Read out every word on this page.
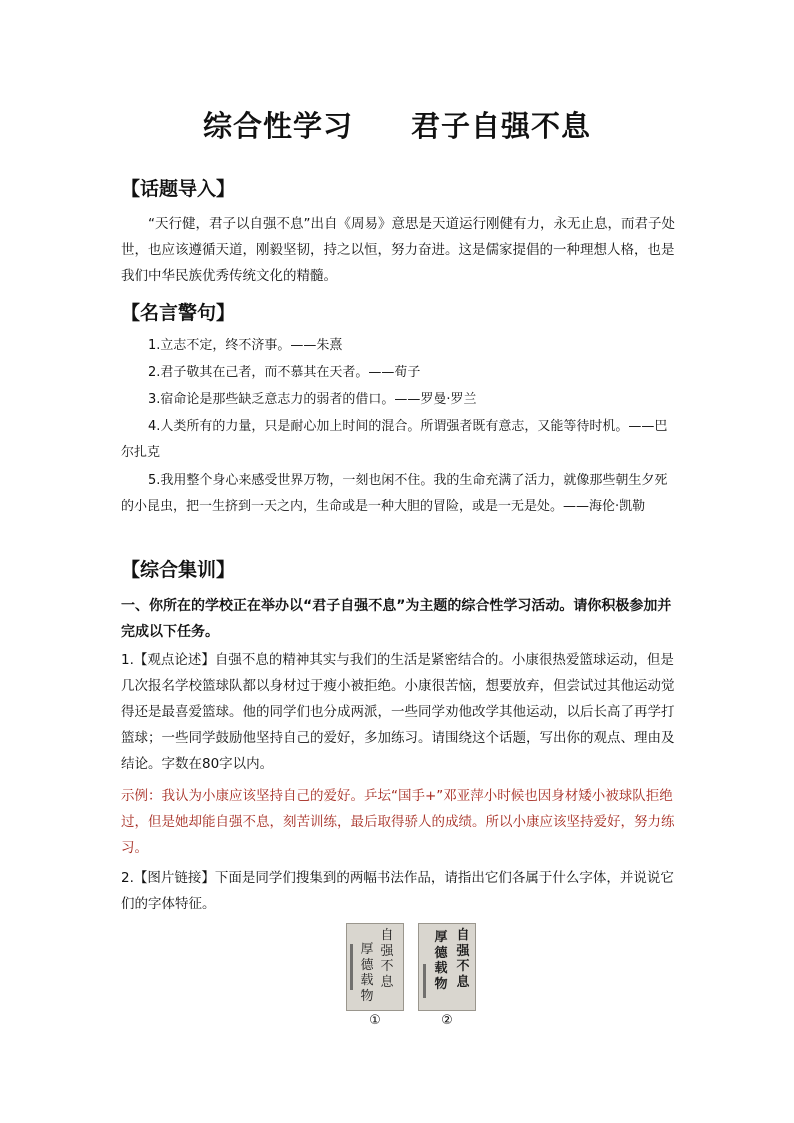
综合性学习 君子自强不息
【话题导入】
“天行健，君子以自强不息”出自《周易》意思是天道运行刚健有力，永无止息，而君子处世，也应该遵循天道，刚毅坚韧，持之以恒，努力奋进。这是儒家提倡的一种理想人格，也是我们中华民族优秀传统文化的精髓。
【名言警句】
1.立志不定，终不济事。——朱熹
2.君子敬其在己者，而不慕其在天者。——荀子
3.宿命论是那些缺乏意志力的弱者的借口。——罗曼·罗兰
4.人类所有的力量，只是耐心加上时间的混合。所谓强者既有意志，又能等待时机。——巴尔扎克
5.我用整个身心来感受世界万物，一刻也闲不住。我的生命充满了活力，就像那些朝生夕死的小昆虫，把一生挤到一天之内，生命或是一种大胆的冒险，或是一无是处。——海伦·凯勒
【综合集训】
一、你所在的学校正在举办以“君子自强不息”为主题的综合性学习活动。请你积极参加并完成以下任务。
1.【观点论述】自强不息的精神其实与我们的生活是紧密结合的。小康很热爱篮球运动，但是几次报名学校篮球队都以身材过于瘦小被拒绝。小康很苦恼，想要放弃，但尝试过其他运动觉得还是最喜爱篮球。他的同学们也分成两派，一些同学劝他改学其他运动，以后长高了再学打篮球；一些同学鼓励他坚持自己的爱好，多加练习。请围绕这个话题，写出你的观点、理由及结论。字数在80字以内。
示例：我认为小康应该坚持自己的爱好。乒坛“国手+”邓亚萍小时候也因身材矮小被球队拒绝过，但是她却能自强不息，刻苦训练，最后取得骄人的成绩。所以小康应该坚持爱好，努力练习。
2.【图片链接】下面是同学们搜集到的两幅书法作品，请指出它们各属于什么字体，并说说它们的字体特征。
自强不息
厚德载物
①
自强不息
厚德载物
②
